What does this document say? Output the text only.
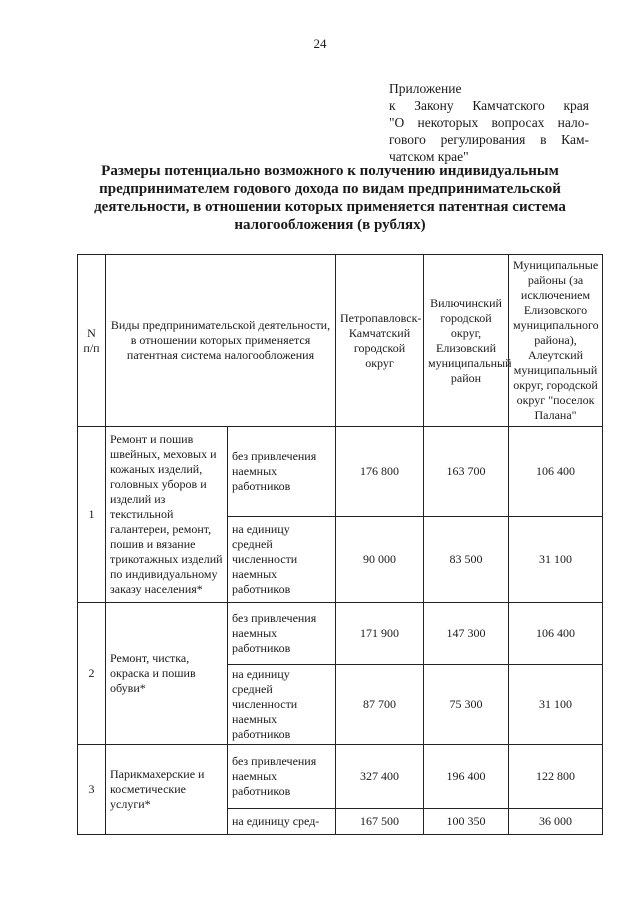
24
Приложение
к Закону Камчатского края
"О некоторых вопросах нало-
гового регулирования в Кам-
чатском крае"
Размеры потенциально возможного к получению индивидуальным
предпринимателем годового дохода по видам предпринимательской
деятельности, в отношении которых применяется патентная система
налогообложения (в рублях)
N п/п	Виды предпринимательской деятельности, в отношении которых применяется патентная система налогообложения		Петропавловск-Камчатский городской округ	Вилючинский городской округ, Елизовский муниципальный район	Муниципальные районы (за исключением Елизовского муниципального района), Алеутский муниципальный округ, городской округ "поселок Палана"
1	Ремонт и пошив швейных, меховых и кожаных изделий, головных уборов и изделий из текстильной галантереи, ремонт, пошив и вязание трикотажных изделий по индивидуальному заказу населения*	без привлечения наемных работников	176 800	163 700	106 400
		на единицу средней численности наемных работников	90 000	83 500	31 100
2	Ремонт, чистка, окраска и пошив обуви*	без привлечения наемных работников	171 900	147 300	106 400
		на единицу средней численности наемных работников	87 700	75 300	31 100
3	Парикмахерские и косметические услуги*	без привлечения наемных работников	327 400	196 400	122 800
		на единицу сред-	167 500	100 350	36 000
